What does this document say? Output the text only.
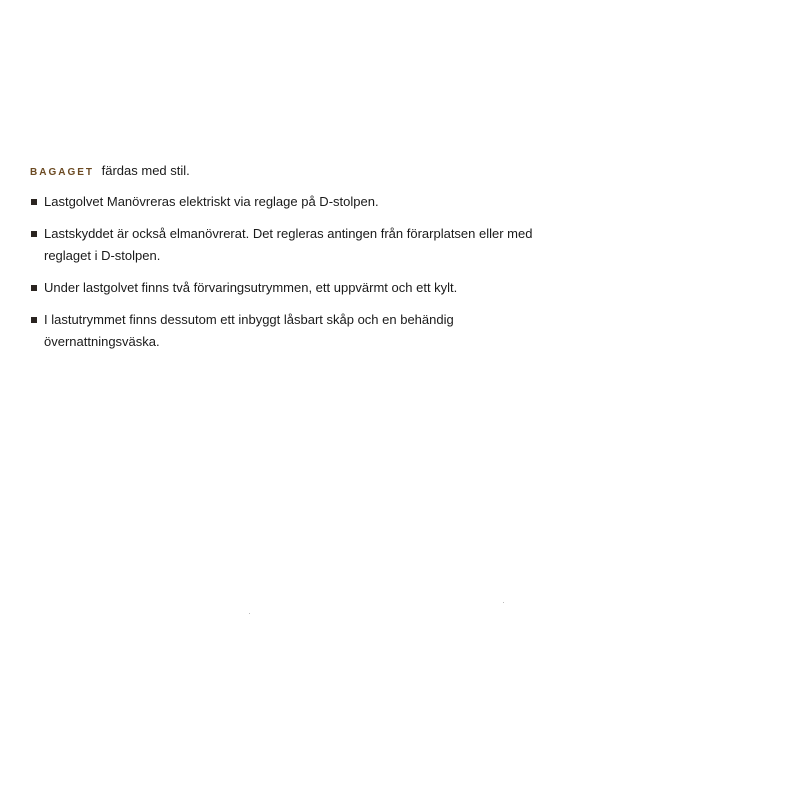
BAGAGET färdas med stil.

Lastgolvet Manövreras elektriskt via reglage på D-stolpen.
Lastskyddet är också elmanövrerat. Det regleras antingen från förarplatsen eller med reglaget i D-stolpen.
Under lastgolvet finns två förvaringsutrymmen, ett uppvärmt och ett kylt.
I lastutrymmet finns dessutom ett inbyggt låsbart skåp och en behändig övernattningsväska.
